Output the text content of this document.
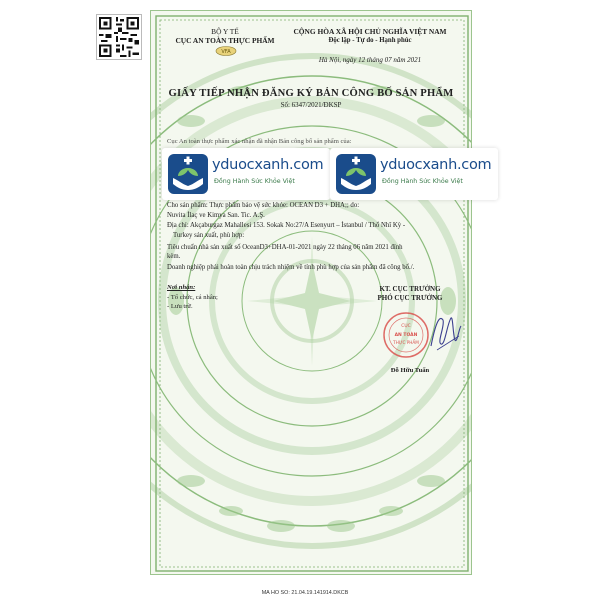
BỘ Y TẾ
CỤC AN TOÀN THỰC PHẨM
VFA
CỘNG HÒA XÃ HỘI CHỦ NGHĨA VIỆT NAM
Độc lập - Tự do - Hạnh phúc
Hà Nội, ngày 12 tháng 07 năm 2021
GIẤY TIẾP NHẬN ĐĂNG KÝ BẢN CÔNG BỐ SẢN PHẨM
Số: 6347/2021/ĐKSP
Cục An toàn thực phẩm xác nhận đã nhận Bản công bố sản phẩm của:
Cho sản phẩm: Thực phẩm bảo vệ sức khỏe: OCEAN D3 + DHA;; do:
Nuvita İlaç ve Kimya San. Tic. A.Ş.
Địa chỉ: Akçaburgaz Mahallesi 153. Sokak No:27/A Esenyurt – İstanbul / Thổ Nhĩ Kỳ -
Turkey sản xuất, phù hợp:
Tiêu chuẩn nhà sản xuất số OceanD3+DHA-01-2021 ngày 22 tháng 06 năm 2021 đính
kèm.
Doanh nghiệp phải hoàn toàn chịu trách nhiệm về tính phù hợp của sản phẩm đã công bố./.
Nơi nhận:
- Tổ chức, cá nhân;
- Lưu trữ.
KT. CỤC TRƯỞNG
PHÓ CỤC TRƯỞNG
CỤC
AN TOÀN
THỰC PHẨM
Đỗ Hữu Tuấn
yduocxanh.com
Đồng Hành Sức Khỏe Việt
yduocxanh.com
Đồng Hành Sức Khỏe Việt
MA HO SO: 21.04.19.141914.DKCB
